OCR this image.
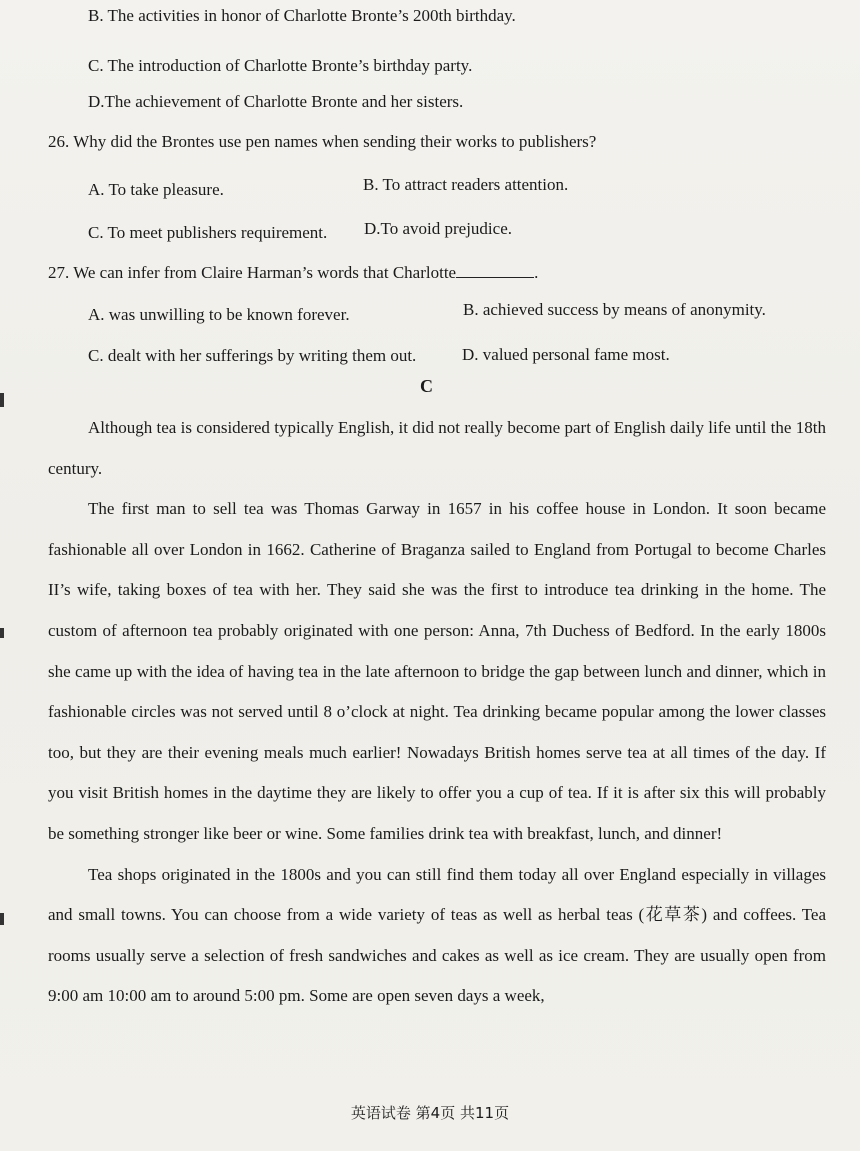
B. The activities in honor of Charlotte Bronte’s 200th birthday.
C. The introduction of Charlotte Bronte’s birthday party.
D.The achievement of Charlotte Bronte and her sisters.
26. Why did the Brontes use pen names when sending their works to publishers?
A. To take pleasure.	B. To attract readers attention.
C. To meet publishers requirement. D.To avoid prejudice.
27. We can infer from Claire Harman’s words that Charlotte	.
A. was unwilling to be known forever.	B. achieved success by means of anonymity.
C. dealt with her sufferings by writing them out.	D. valued personal fame most.
C

Although tea is considered typically English, it did not really become part of English daily life until the 18th century.

The first man to sell tea was Thomas Garway in 1657 in his coffee house in London. It soon became fashionable all over London in 1662. Catherine of Braganza sailed to England from Portugal to become Charles II’s wife, taking boxes of tea with her. They said she was the first to introduce tea drinking in the home. The custom of afternoon tea probably originated with one person: Anna, 7th Duchess of Bedford. In the early 1800s she came up with the idea of having tea in the late afternoon to bridge the gap between lunch and dinner, which in fashionable circles was not served until 8 o’clock at night. Tea drinking became popular among the lower classes too, but they are their evening meals much earlier! Nowadays British homes serve tea at all times of the day. If you visit British homes in the daytime they are likely to offer you a cup of tea. If it is after six this will probably be something stronger like beer or wine. Some families drink tea with breakfast, lunch, and dinner!

Tea shops originated in the 1800s and you can still find them today all over England especially in villages and small towns. You can choose from a wide variety of teas as well as herbal teas (花草茶) and coffees. Tea rooms usually serve a selection of fresh sandwiches and cakes as well as ice cream. They are usually open from 9:00 am 10:00 am to around 5:00 pm. Some are open seven days a week,

英语试卷 第4页 共11页
